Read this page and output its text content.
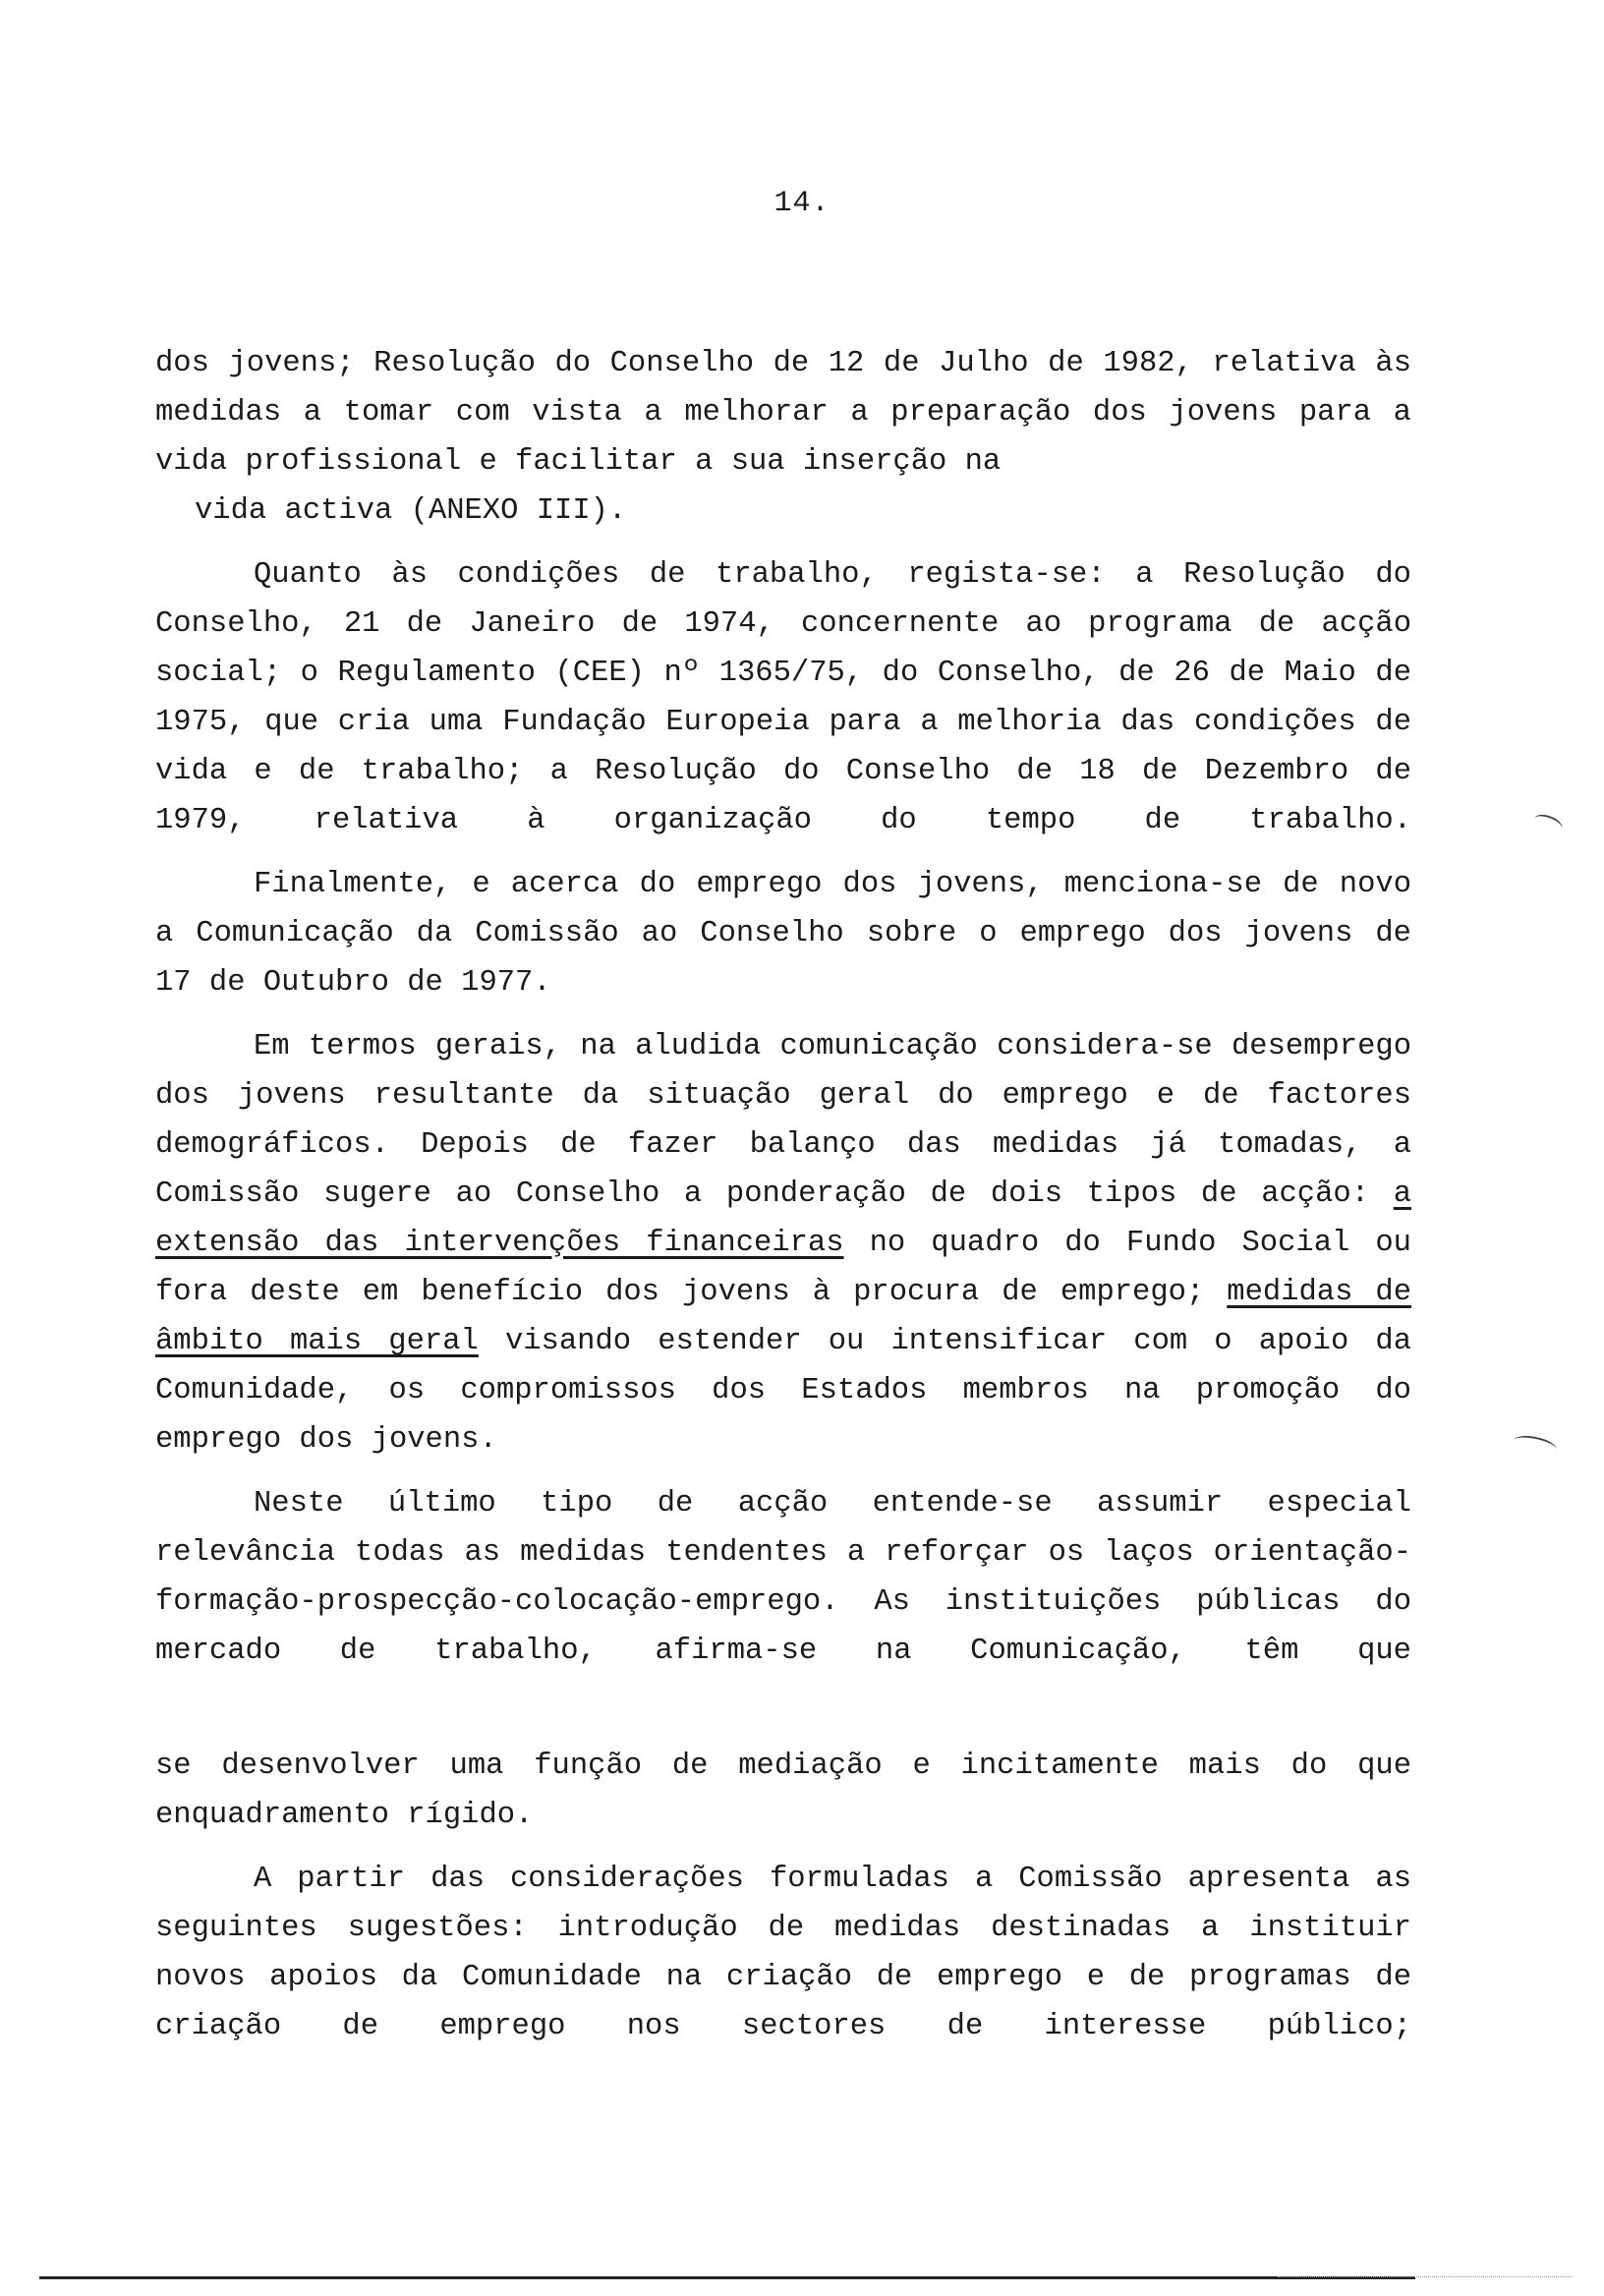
14.

dos jovens; Resolução do Conselho de 12 de Julho de 1982, relativa às medidas a tomar com vista a melhorar a preparação dos jovens para a vida profissional e facilitar a sua inserção na
vida activa (ANEXO III).

Quanto às condições de trabalho, regista-se: a Resolução do Conselho, 21 de Janeiro de 1974, concernente ao programa de acção social; o Regulamento (CEE) nº 1365/75, do Conselho, de 26 de Maio de 1975, que cria uma Fundação Europeia para a melhoria das condições de vida e de trabalho; a Resolução do Conselho de 18 de Dezembro de 1979, relativa à organização do tempo de trabalho.

Finalmente, e acerca do emprego dos jovens, menciona-se de novo a Comunicação da Comissão ao Conselho sobre o emprego dos jovens de 17 de Outubro de 1977.

Em termos gerais, na aludida comunicação considera-se desemprego dos jovens resultante da situação geral do emprego e de factores demográficos. Depois de fazer balanço das medidas já tomadas, a Comissão sugere ao Conselho a ponderação de dois tipos de acção: a extensão das intervenções financeiras no quadro do Fundo Social ou fora deste em benefício dos jovens à procura de emprego; medidas de âmbito mais geral visando estender ou intensificar com o apoio da Comunidade, os compromissos dos Estados membros na promoção do emprego dos jovens.

Neste último tipo de acção entende-se assumir especial relevância todas as medidas tendentes a reforçar os laços orientação-formação-prospecção-colocação-emprego. As instituições públicas do mercado de trabalho, afirma-se na Comunicação, têm que

se desenvolver uma função de mediação e incitamente mais do que enquadramento rígido.

A partir das considerações formuladas a Comissão apresenta as seguintes sugestões: introdução de medidas destinadas a instituir novos apoios da Comunidade na criação de emprego e de programas de criação de emprego nos sectores de interesse público;
